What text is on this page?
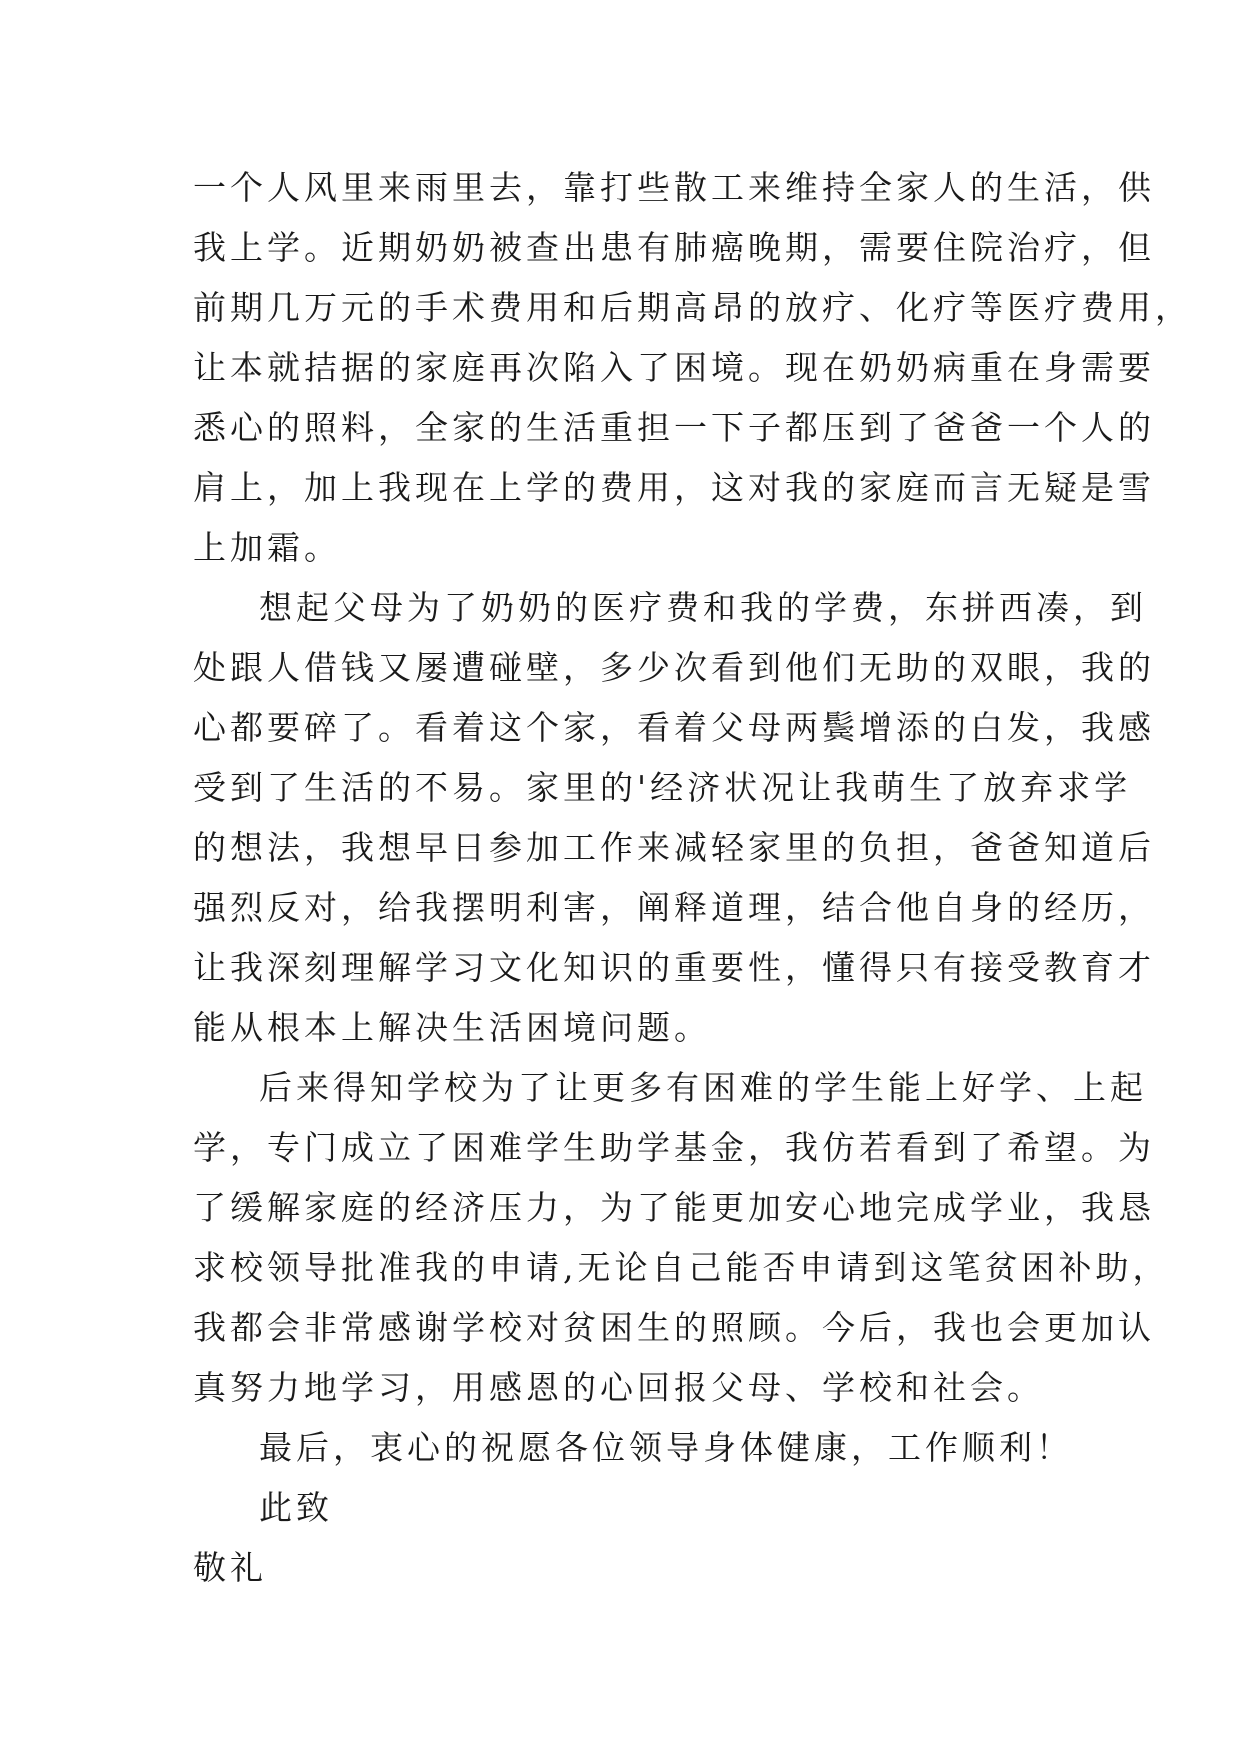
一个人风里来雨里去，靠打些散工来维持全家人的生活，供
我上学。近期奶奶被查出患有肺癌晚期，需要住院治疗，但
前期几万元的手术费用和后期高昂的放疗、化疗等医疗费用，
让本就拮据的家庭再次陷入了困境。现在奶奶病重在身需要
悉心的照料，全家的生活重担一下子都压到了爸爸一个人的
肩上，加上我现在上学的费用，这对我的家庭而言无疑是雪
上加霜。
想起父母为了奶奶的医疗费和我的学费，东拼西凑，到
处跟人借钱又屡遭碰壁，多少次看到他们无助的双眼，我的
心都要碎了。看着这个家，看着父母两鬓增添的白发，我感
受到了生活的不易。家里的'经济状况让我萌生了放弃求学
的想法，我想早日参加工作来减轻家里的负担，爸爸知道后
强烈反对，给我摆明利害，阐释道理，结合他自身的经历，
让我深刻理解学习文化知识的重要性，懂得只有接受教育才
能从根本上解决生活困境问题。
后来得知学校为了让更多有困难的学生能上好学、上起
学，专门成立了困难学生助学基金，我仿若看到了希望。为
了缓解家庭的经济压力，为了能更加安心地完成学业，我恳
求校领导批准我的申请,无论自己能否申请到这笔贫困补助，
我都会非常感谢学校对贫困生的照顾。今后，我也会更加认
真努力地学习，用感恩的心回报父母、学校和社会。
最后，衷心的祝愿各位领导身体健康，工作顺利！
此致
敬礼
